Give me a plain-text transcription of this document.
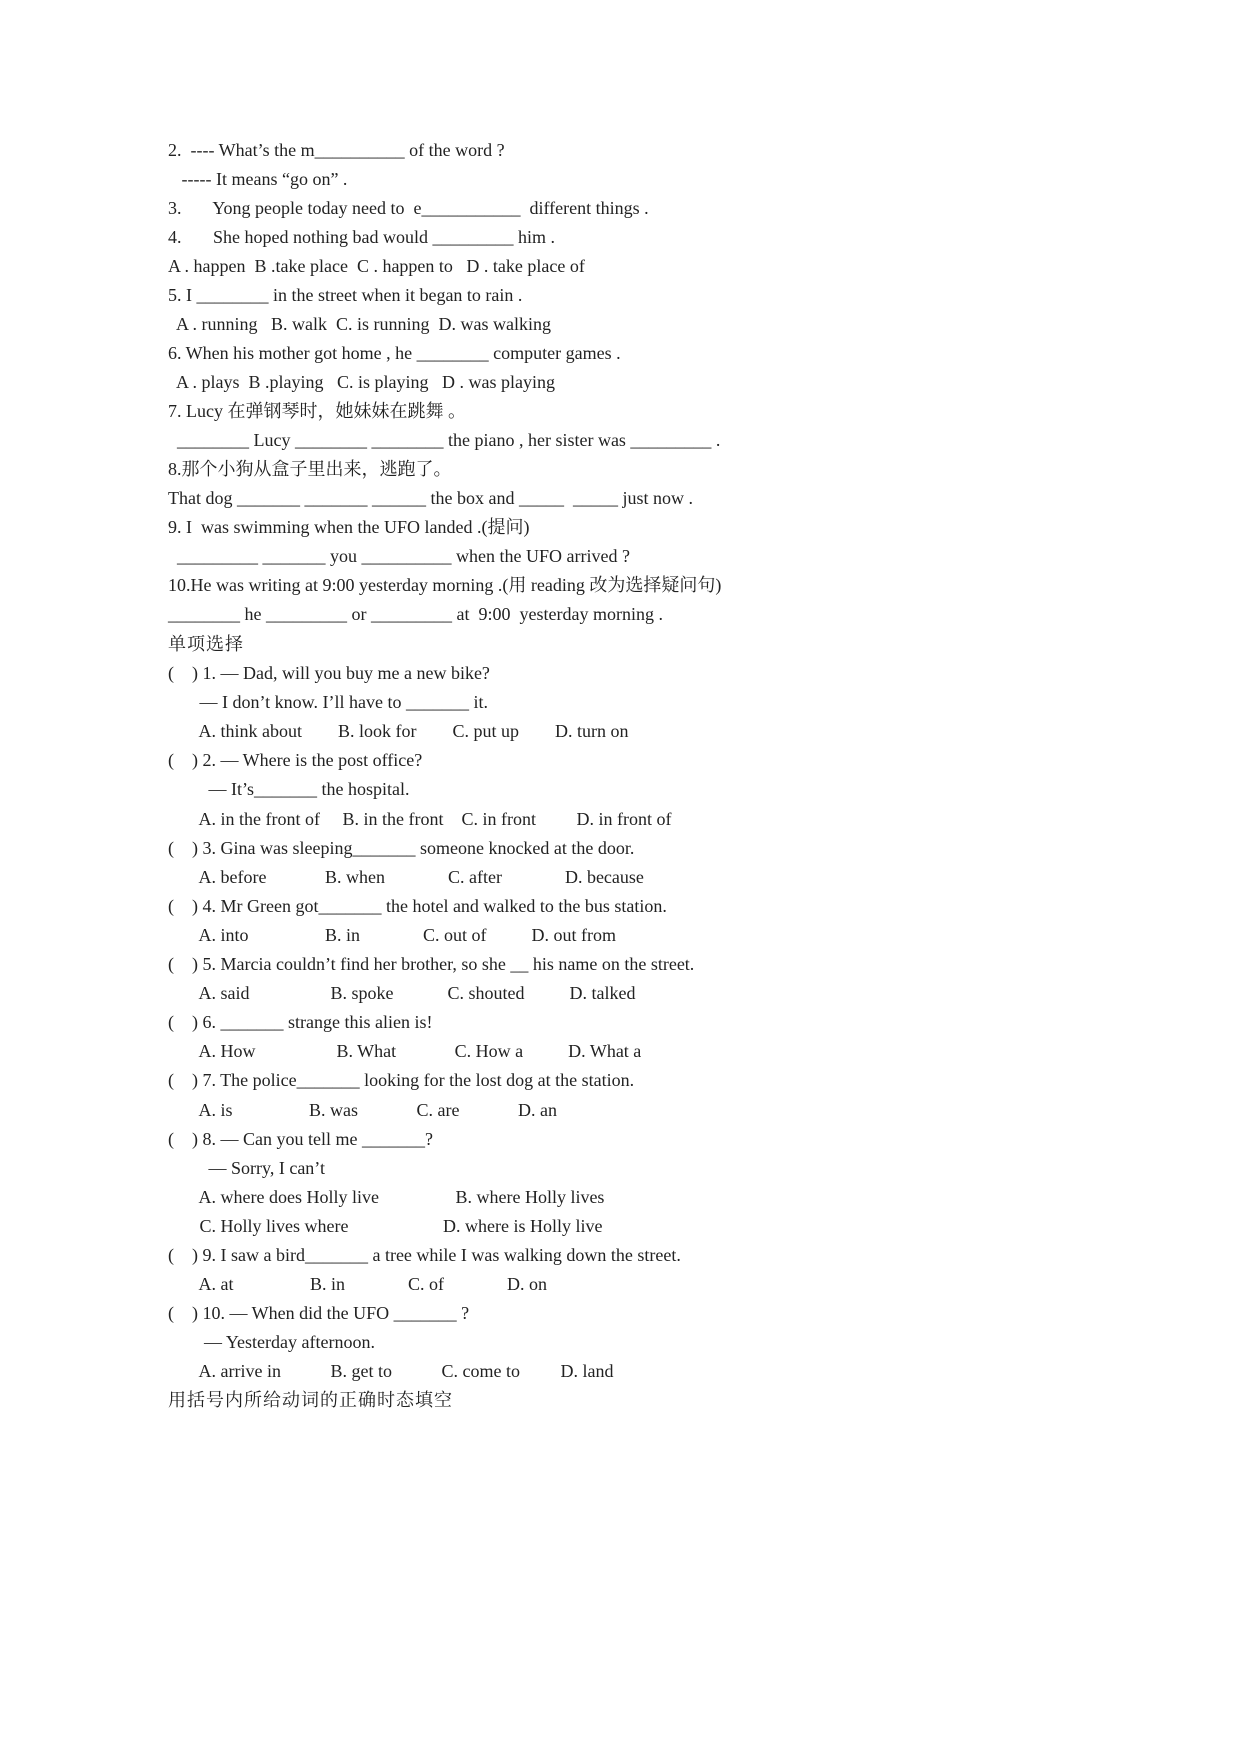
2.  ---- What’s the m__________ of the word ?
----- It means “go on” .
3.       Yong people today need to  e___________  different things .
4.       She hoped nothing bad would _________ him .
A . happen  B .take place  C . happen to   D . take place of
5. I ________ in the street when it began to rain .
A . running   B. walk  C. is running  D. was walking
6. When his mother got home , he ________ computer games .
A . plays  B .playing   C. is playing   D . was playing
7. Lucy 在弹钢琴时，她妹妹在跳舞 。
________ Lucy ________ ________ the piano , her sister was _________ .
8.那个小狗从盒子里出来，逃跑了。
That dog _______ _______ ______ the box and _____  _____ just now .
9. I  was swimming when the UFO landed .(提问)
_________ _______ you __________ when the UFO arrived ?
10.He was writing at 9:00 yesterday morning .(用 reading 改为选择疑问句)
________ he _________ or _________ at  9:00  yesterday morning .
单项选择
(    ) 1. — Dad, will you buy me a new bike?
— I don’t know. I’ll have to _______ it.
A. think about        B. look for        C. put up        D. turn on
(    ) 2. — Where is the post office?
— It’s_______ the hospital.
A. in the front of     B. in the front    C. in front         D. in front of
(    ) 3. Gina was sleeping_______ someone knocked at the door.
A. before             B. when              C. after              D. because
(    ) 4. Mr Green got_______ the hotel and walked to the bus station.
A. into                 B. in              C. out of          D. out from
(    ) 5. Marcia couldn’t find her brother, so she __ his name on the street.
A. said                  B. spoke            C. shouted          D. talked
(    ) 6. _______ strange this alien is!
A. How                  B. What             C. How a          D. What a
(    ) 7. The police_______ looking for the lost dog at the station.
A. is                 B. was             C. are             D. an
(    ) 8. — Can you tell me _______?
— Sorry, I can’t
A. where does Holly live                 B. where Holly lives
C. Holly lives where                     D. where is Holly live
(    ) 9. I saw a bird_______ a tree while I was walking down the street.
A. at                 B. in              C. of              D. on
(    ) 10. — When did the UFO _______ ?
— Yesterday afternoon.
A. arrive in           B. get to           C. come to         D. land
用括号内所给动词的正确时态填空
